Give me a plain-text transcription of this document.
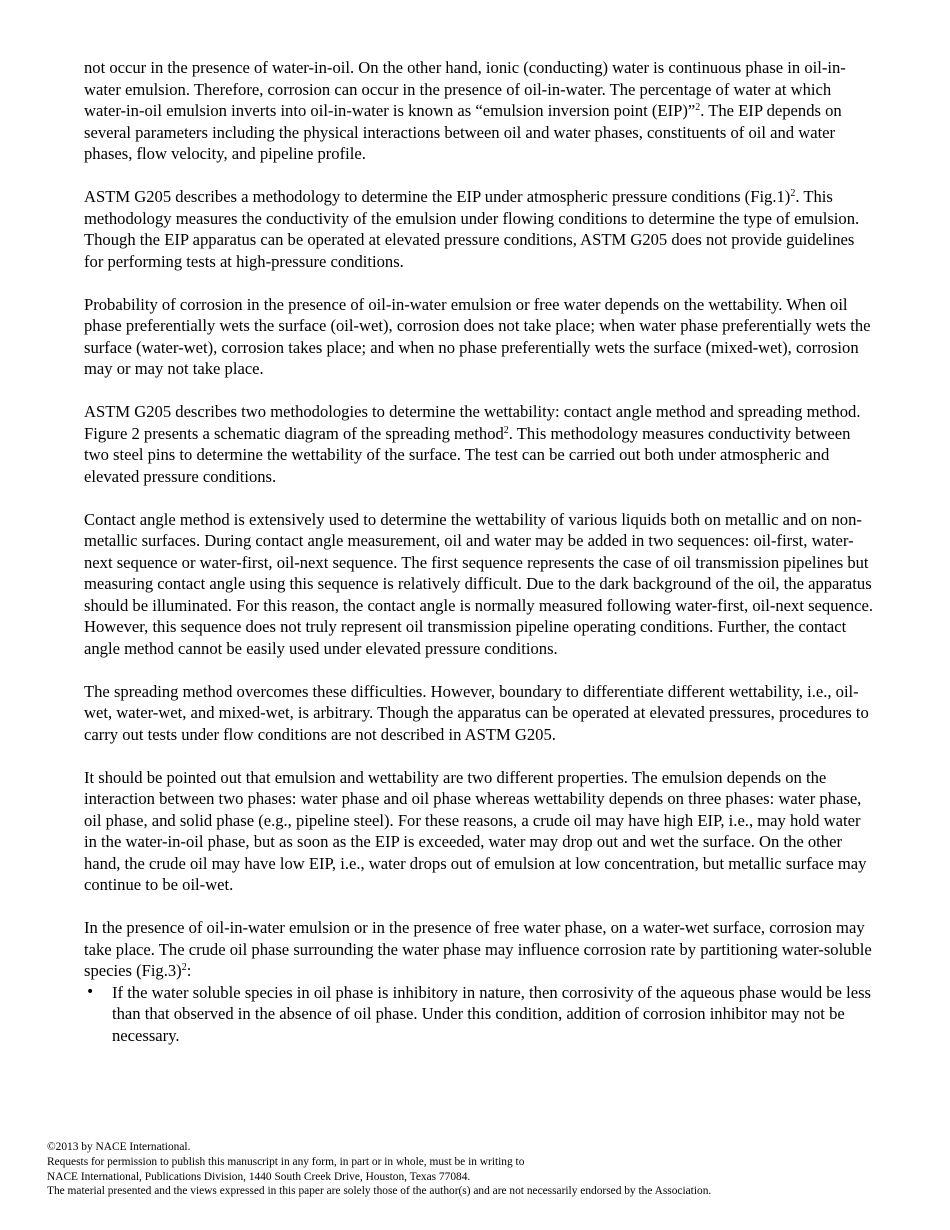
not occur in the presence of water-in-oil. On the other hand, ionic (conducting) water is continuous phase in oil-in-water emulsion. Therefore, corrosion can occur in the presence of oil-in-water. The percentage of water at which water-in-oil emulsion inverts into oil-in-water is known as “emulsion inversion point (EIP)”$^2$. The EIP depends on several parameters including the physical interactions between oil and water phases, constituents of oil and water phases, flow velocity, and pipeline profile.

ASTM G205 describes a methodology to determine the EIP under atmospheric pressure conditions $(Fig.1)^2$. This methodology measures the conductivity of the emulsion under flowing conditions to determine the type of emulsion. Though the EIP apparatus can be operated at elevated pressure conditions, ASTM G205 does not provide guidelines for performing tests at high-pressure conditions.

Probability of corrosion in the presence of oil-in-water emulsion or free water depends on the wettability. When oil phase preferentially wets the surface (oil-wet), corrosion does not take place; when water phase preferentially wets the surface (water-wet), corrosion takes place; and when no phase preferentially wets the surface (mixed-wet), corrosion may or may not take place.

ASTM G205 describes two methodologies to determine the wettability: contact angle method and spreading method. Figure 2 presents a schematic diagram of the spreading method$^2$. This methodology measures conductivity between two steel pins to determine the wettability of the surface. The test can be carried out both under atmospheric and elevated pressure conditions.

Contact angle method is extensively used to determine the wettability of various liquids both on metallic and on non-metallic surfaces. During contact angle measurement, oil and water may be added in two sequences: oil-first, water-next sequence or water-first, oil-next sequence. The first sequence represents the case of oil transmission pipelines but measuring contact angle using this sequence is relatively difficult. Due to the dark background of the oil, the apparatus should be illuminated. For this reason, the contact angle is normally measured following water-first, oil-next sequence. However, this sequence does not truly represent oil transmission pipeline operating conditions. Further, the contact angle method cannot be easily used under elevated pressure conditions.

The spreading method overcomes these difficulties. However, boundary to differentiate different wettability, i.e., oil-wet, water-wet, and mixed-wet, is arbitrary. Though the apparatus can be operated at elevated pressures, procedures to carry out tests under flow conditions are not described in ASTM G205.

It should be pointed out that emulsion and wettability are two different properties. The emulsion depends on the interaction between two phases: water phase and oil phase whereas wettability depends on three phases: water phase, oil phase, and solid phase (e.g., pipeline steel). For these reasons, a crude oil may have high EIP, i.e., may hold water in the water-in-oil phase, but as soon as the EIP is exceeded, water may drop out and wet the surface. On the other hand, the crude oil may have low EIP, i.e., water drops out of emulsion at low concentration, but metallic surface may continue to be oil-wet.

In the presence of oil-in-water emulsion or in the presence of free water phase, on a water-wet surface, corrosion may take place. The crude oil phase surrounding the water phase may influence corrosion rate by partitioning water-soluble species $(Fig.3)^2$:

• If the water soluble species in oil phase is inhibitory in nature, then corrosivity of the aqueous phase would be less than that observed in the absence of oil phase. Under this condition, addition of corrosion inhibitor may not be necessary.
©2013 by NACE International.
Requests for permission to publish this manuscript in any form, in part or in whole, must be in writing to
NACE International, Publications Division, 1440 South Creek Drive, Houston, Texas 77084.
The material presented and the views expressed in this paper are solely those of the author(s) and are not necessarily endorsed by the Association.
